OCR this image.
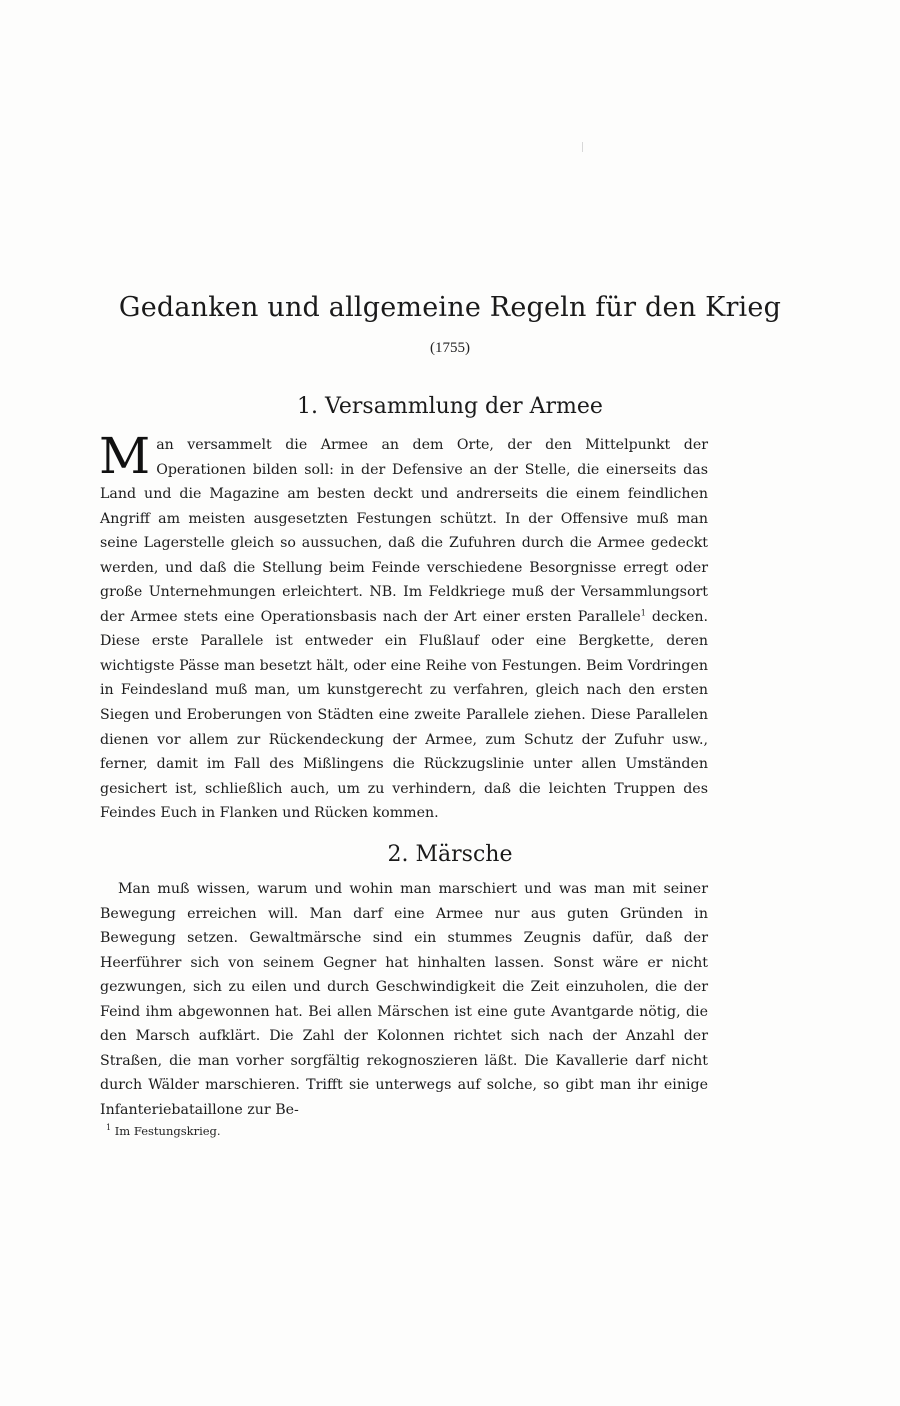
Gedanken und allgemeine Regeln für den Krieg
(1755)
1. Versammlung der Armee

Man versammelt die Armee an dem Orte, der den Mittelpunkt der Operationen bilden soll: in der Defensive an der Stelle, die einerseits das Land und die Magazine am besten deckt und andrerseits die einem feindlichen Angriff am meisten ausgesetzten Festungen schützt. In der Offensive muß man seine Lagerstelle gleich so aussuchen, daß die Zufuhren durch die Armee gedeckt werden, und daß die Stellung beim Feinde verschiedene Besorgnisse erregt oder große Unternehmungen erleichtert. NB. Im Feldkriege muß der Versammlungsort der Armee stets eine Operationsbasis nach der Art einer ersten Parallele$^1$ decken. Diese erste Parallele ist entweder ein Flußlauf oder eine Bergkette, deren wichtigste Pässe man besetzt hält, oder eine Reihe von Festungen. Beim Vordringen in Feindesland muß man, um kunstgerecht zu verfahren, gleich nach den ersten Siegen und Eroberungen von Städten eine zweite Parallele ziehen. Diese Parallelen dienen vor allem zur Rückendeckung der Armee, zum Schutz der Zufuhr usw., ferner, damit im Fall des Mißlingens die Rückzugslinie unter allen Umständen gesichert ist, schließlich auch, um zu verhindern, daß die leichten Truppen des Feindes Euch in Flanken und Rücken kommen.

2. Märsche

Man muß wissen, warum und wohin man marschiert und was man mit seiner Bewegung erreichen will. Man darf eine Armee nur aus guten Gründen in Bewegung setzen. Gewaltmärsche sind ein stummes Zeugnis dafür, daß der Heerführer sich von seinem Gegner hat hinhalten lassen. Sonst wäre er nicht gezwungen, sich zu eilen und durch Geschwindigkeit die Zeit einzuholen, die der Feind ihm abgewonnen hat. Bei allen Märschen ist eine gute Avantgarde nötig, die den Marsch aufklärt. Die Zahl der Kolonnen richtet sich nach der Anzahl der Straßen, die man vorher sorgfältig rekognoszieren läßt. Die Kavallerie darf nicht durch Wälder marschieren. Trifft sie unterwegs auf solche, so gibt man ihr einige Infanteriebataillone zur Be-

$^1$ Im Festungskrieg.
